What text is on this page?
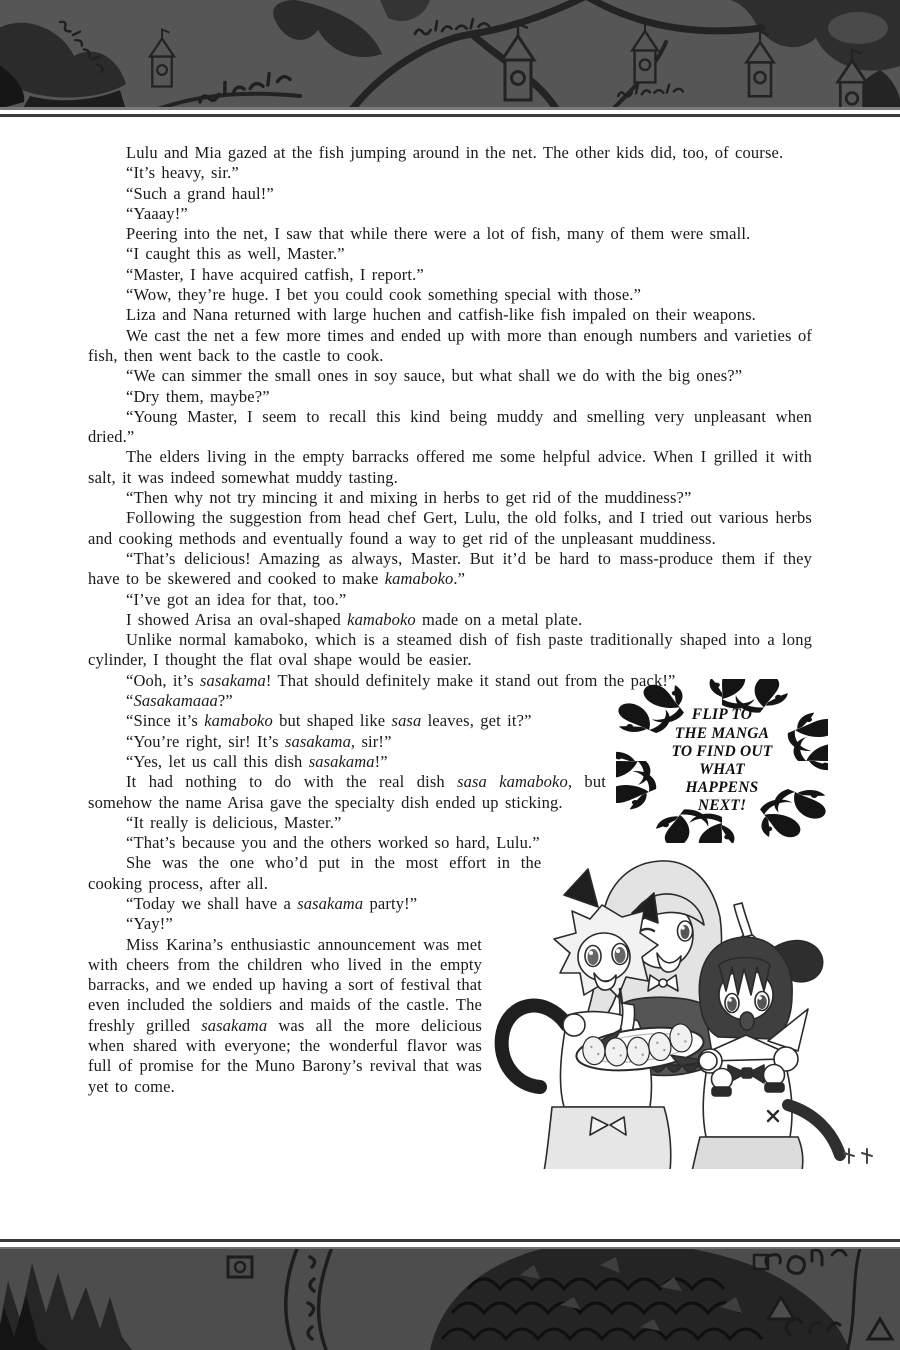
Lulu and Mia gazed at the fish jumping around in the net. The other kids did, too, of course.

“It’s heavy, sir.”

“Such a grand haul!”

“Yaaay!”

Peering into the net, I saw that while there were a lot of fish, many of them were small.

“I caught this as well, Master.”

“Master, I have acquired catfish, I report.”

“Wow, they’re huge. I bet you could cook something special with those.”

Liza and Nana returned with large huchen and catfish-like fish impaled on their weapons.

We cast the net a few more times and ended up with more than enough numbers and varieties of fish, then went back to the castle to cook.

“We can simmer the small ones in soy sauce, but what shall we do with the big ones?”

“Dry them, maybe?”

“Young Master, I seem to recall this kind being muddy and smelling very unpleasant when dried.”

The elders living in the empty barracks offered me some helpful advice. When I grilled it with salt, it was indeed somewhat muddy tasting.

“Then why not try mincing it and mixing in herbs to get rid of the muddiness?”

Following the suggestion from head chef Gert, Lulu, the old folks, and I tried out various herbs and cooking methods and eventually found a way to get rid of the unpleasant muddiness.

“That’s delicious! Amazing as always, Master. But it’d be hard to mass-produce them if they have to be skewered and cooked to make kamaboko.”

“I’ve got an idea for that, too.”

I showed Arisa an oval-shaped kamaboko made on a metal plate.

Unlike normal kamaboko, which is a steamed dish of fish paste traditionally shaped into a long cylinder, I thought the flat oval shape would be easier.

“Ooh, it’s sasakama! That should definitely make it stand out from the pack!”

FLIP TO
THE MANGA
TO FIND OUT
WHAT
HAPPENS
NEXT!

“Sasakamaaa?”

“Since it’s kamaboko but shaped like sasa leaves, get it?”

“You’re right, sir! It’s sasakama, sir!”

“Yes, let us call this dish sasakama!”

It had nothing to do with the real dish sasa kamaboko, but somehow the name Arisa gave the specialty dish ended up sticking.

“It really is delicious, Master.”

“That’s because you and the others worked so hard, Lulu.”

She was the one who’d put in the most effort in the cooking process, after all.

“Today we shall have a sasakama party!”

“Yay!”

Miss Karina’s enthusiastic announcement was met with cheers from the children who lived in the empty barracks, and we ended up having a sort of festival that even included the soldiers and maids of the castle. The freshly grilled sasakama was all the more delicious when shared with everyone; the wonderful flavor was full of promise for the Muno Barony’s revival that was yet to come.
